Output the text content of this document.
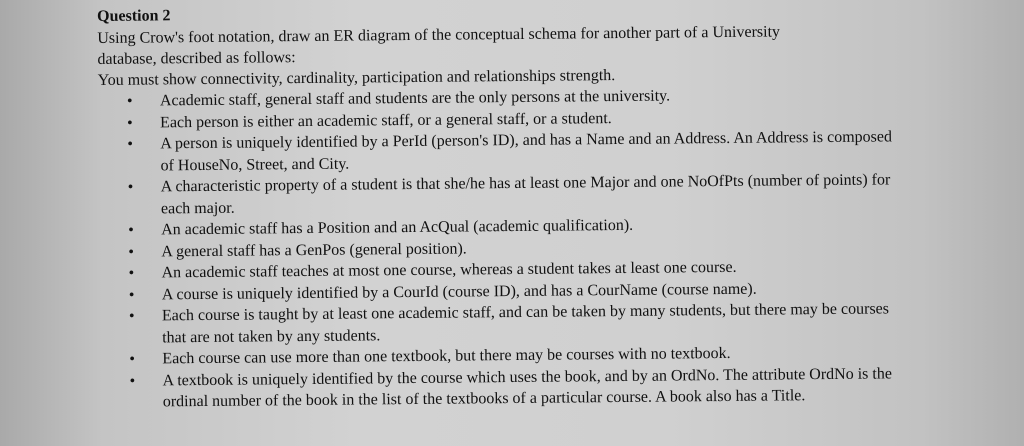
Question 2

Using Crow's foot notation, draw an ER diagram of the conceptual schema for another part of a University

database, described as follows:

You must show connectivity, cardinality, participation and relationships strength.

• Academic staff, general staff and students are the only persons at the university.
• Each person is either an academic staff, or a general staff, or a student.
• A person is uniquely identified by a PerId (person's ID), and has a Name and an Address. An Address is composed of HouseNo, Street, and City.
• A characteristic property of a student is that she/he has at least one Major and one NoOfPts (number of points) for each major.
• An academic staff has a Position and an AcQual (academic qualification).
• A general staff has a GenPos (general position).
• An academic staff teaches at most one course, whereas a student takes at least one course.
• A course is uniquely identified by a CourId (course ID), and has a CourName (course name).
• Each course is taught by at least one academic staff, and can be taken by many students, but there may be courses that are not taken by any students.
• Each course can use more than one textbook, but there may be courses with no textbook.
• A textbook is uniquely identified by the course which uses the book, and by an OrdNo. The attribute OrdNo is the ordinal number of the book in the list of the textbooks of a particular course. A book also has a Title.
